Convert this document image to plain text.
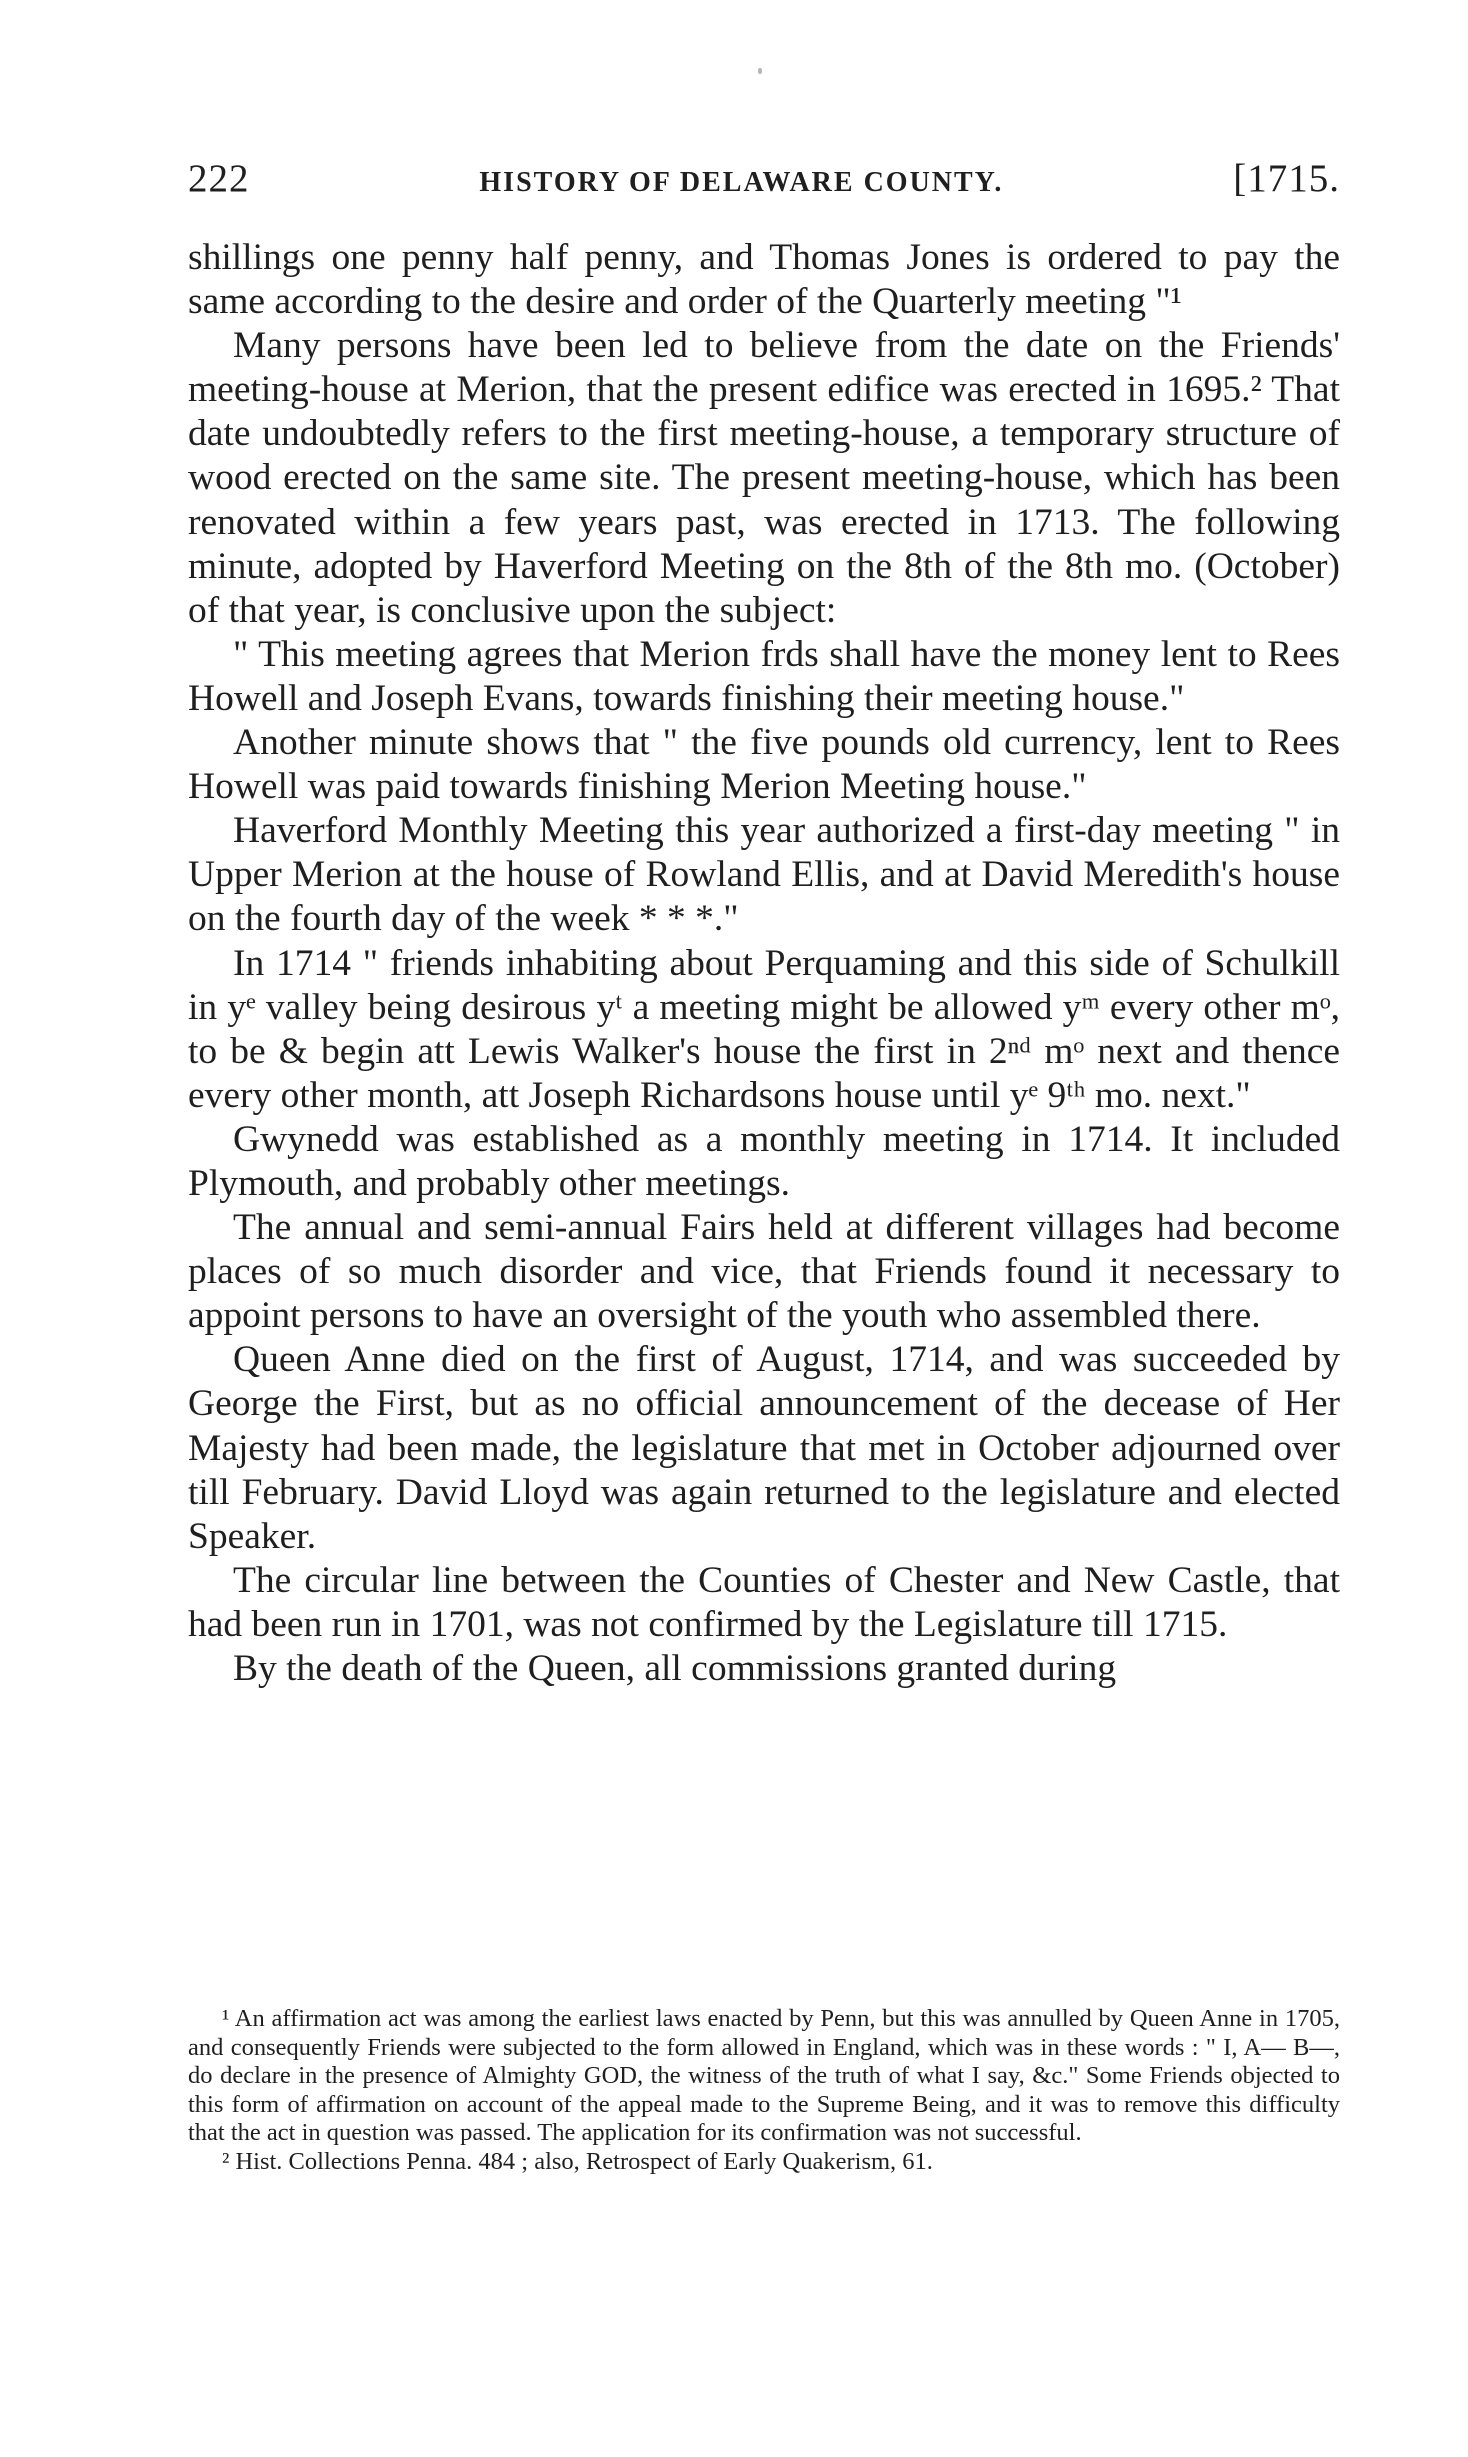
222	HISTORY OF DELAWARE COUNTY.	[1715.

shillings one penny half penny, and Thomas Jones is ordered to pay the same according to the desire and order of the Quarterly meeting "¹

Many persons have been led to believe from the date on the Friends' meeting-house at Merion, that the present edifice was erected in 1695.² That date undoubtedly refers to the first meeting-house, a temporary structure of wood erected on the same site. The present meeting-house, which has been renovated within a few years past, was erected in 1713. The following minute, adopted by Haverford Meeting on the 8th of the 8th mo. (October) of that year, is conclusive upon the subject:

" This meeting agrees that Merion frds shall have the money lent to Rees Howell and Joseph Evans, towards finishing their meeting house."

Another minute shows that " the five pounds old currency, lent to Rees Howell was paid towards finishing Merion Meeting house."

Haverford Monthly Meeting this year authorized a first-day meeting " in Upper Merion at the house of Rowland Ellis, and at David Meredith's house on the fourth day of the week * * *."

In 1714 " friends inhabiting about Perquaming and this side of Schulkill in yᵉ valley being desirous yᵗ a meeting might be allowed yᵐ every other mᵒ, to be & begin att Lewis Walker's house the first in 2ⁿᵈ mᵒ next and thence every other month, att Joseph Richardsons house until yᵉ 9ᵗʰ mo. next."

Gwynedd was established as a monthly meeting in 1714. It included Plymouth, and probably other meetings.

The annual and semi-annual Fairs held at different villages had become places of so much disorder and vice, that Friends found it necessary to appoint persons to have an oversight of the youth who assembled there.

Queen Anne died on the first of August, 1714, and was succeeded by George the First, but as no official announcement of the decease of Her Majesty had been made, the legislature that met in October adjourned over till February. David Lloyd was again returned to the legislature and elected Speaker.

The circular line between the Counties of Chester and New Castle, that had been run in 1701, was not confirmed by the Legislature till 1715.

By the death of the Queen, all commissions granted during

¹ An affirmation act was among the earliest laws enacted by Penn, but this was annulled by Queen Anne in 1705, and consequently Friends were subjected to the form allowed in England, which was in these words : " I, A— B—, do declare in the presence of Almighty GOD, the witness of the truth of what I say, &c." Some Friends objected to this form of affirmation on account of the appeal made to the Supreme Being, and it was to remove this difficulty that the act in question was passed. The application for its confirmation was not successful.

² Hist. Collections Penna. 484 ; also, Retrospect of Early Quakerism, 61.
